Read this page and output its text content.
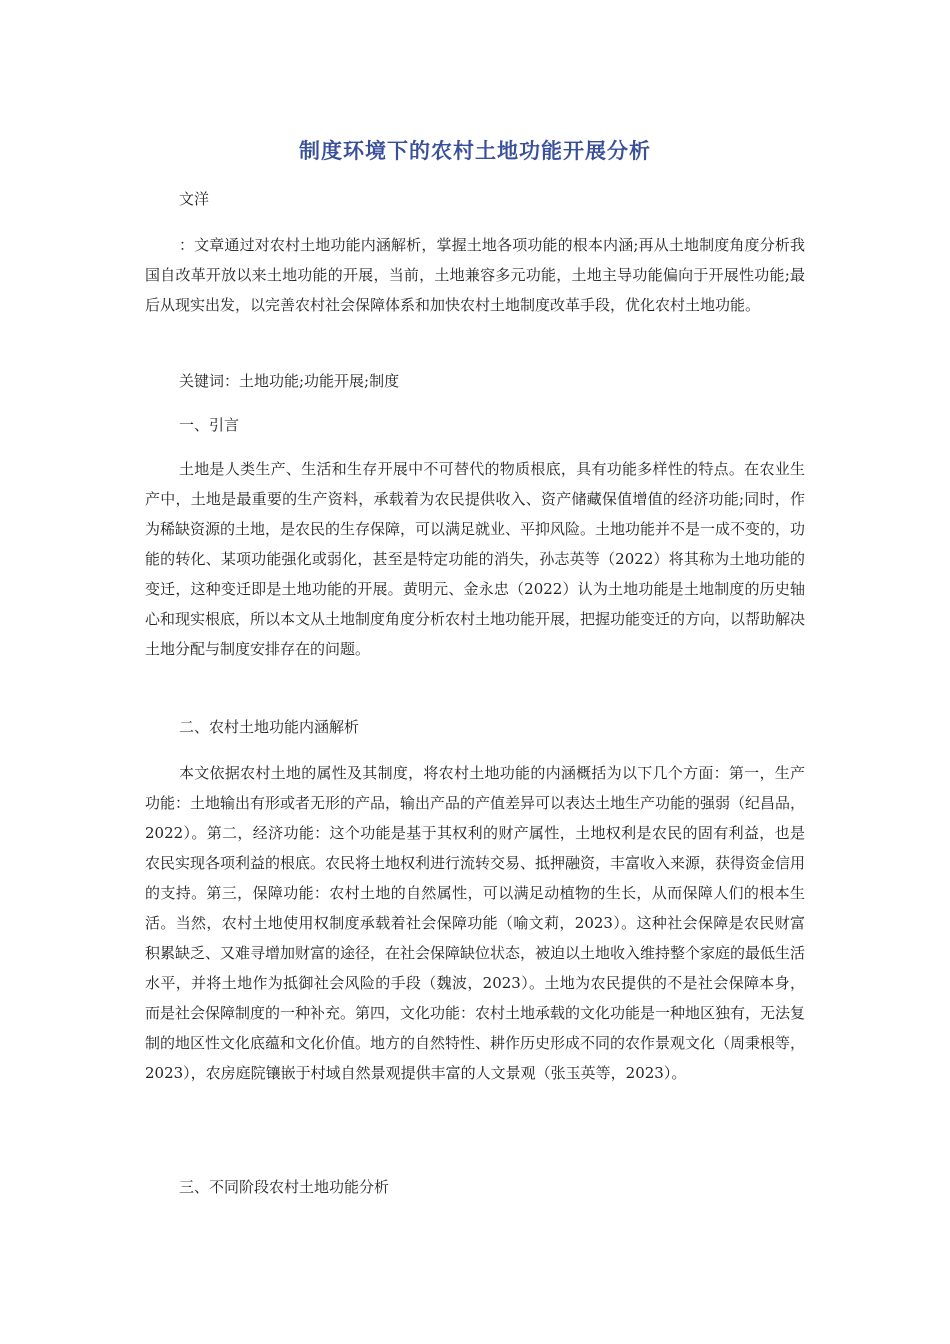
制度环境下的农村土地功能开展分析

文洋

：文章通过对农村土地功能内涵解析，掌握土地各项功能的根本内涵;再从土地制度角度分析我国自改革开放以来土地功能的开展，当前，土地兼容多元功能，土地主导功能偏向于开展性功能;最后从现实出发，以完善农村社会保障体系和加快农村土地制度改革手段，优化农村土地功能。

关键词：土地功能;功能开展;制度

一、引言

土地是人类生产、生活和生存开展中不可替代的物质根底，具有功能多样性的特点。在农业生产中，土地是最重要的生产资料，承载着为农民提供收入、资产储藏保值增值的经济功能;同时，作为稀缺资源的土地，是农民的生存保障，可以满足就业、平抑风险。土地功能并不是一成不变的，功能的转化、某项功能强化或弱化，甚至是特定功能的消失，孙志英等（2022）将其称为土地功能的变迁，这种变迁即是土地功能的开展。黄明元、金永忠（2022）认为土地功能是土地制度的历史轴心和现实根底，所以本文从土地制度角度分析农村土地功能开展，把握功能变迁的方向，以帮助解决土地分配与制度安排存在的问题。

二、农村土地功能内涵解析

本文依据农村土地的属性及其制度，将农村土地功能的内涵概括为以下几个方面：第一，生产功能：土地输出有形或者无形的产品，输出产品的产值差异可以表达土地生产功能的强弱（纪昌品，2022）。第二，经济功能：这个功能是基于其权利的财产属性，土地权利是农民的固有利益，也是农民实现各项利益的根底。农民将土地权利进行流转交易、抵押融资，丰富收入来源，获得资金信用的支持。第三，保障功能：农村土地的自然属性，可以满足动植物的生长，从而保障人们的根本生活。当然，农村土地使用权制度承载着社会保障功能（喻文莉，2023）。这种社会保障是农民财富积累缺乏、又难寻增加财富的途径，在社会保障缺位状态，被迫以土地收入维持整个家庭的最低生活水平，并将土地作为抵御社会风险的手段（魏波，2023）。土地为农民提供的不是社会保障本身，而是社会保障制度的一种补充。第四，文化功能：农村土地承载的文化功能是一种地区独有，无法复制的地区性文化底蕴和文化价值。地方的自然特性、耕作历史形成不同的农作景观文化（周秉根等，2023），农房庭院镶嵌于村域自然景观提供丰富的人文景观（张玉英等，2023）。

三、不同阶段农村土地功能分析
